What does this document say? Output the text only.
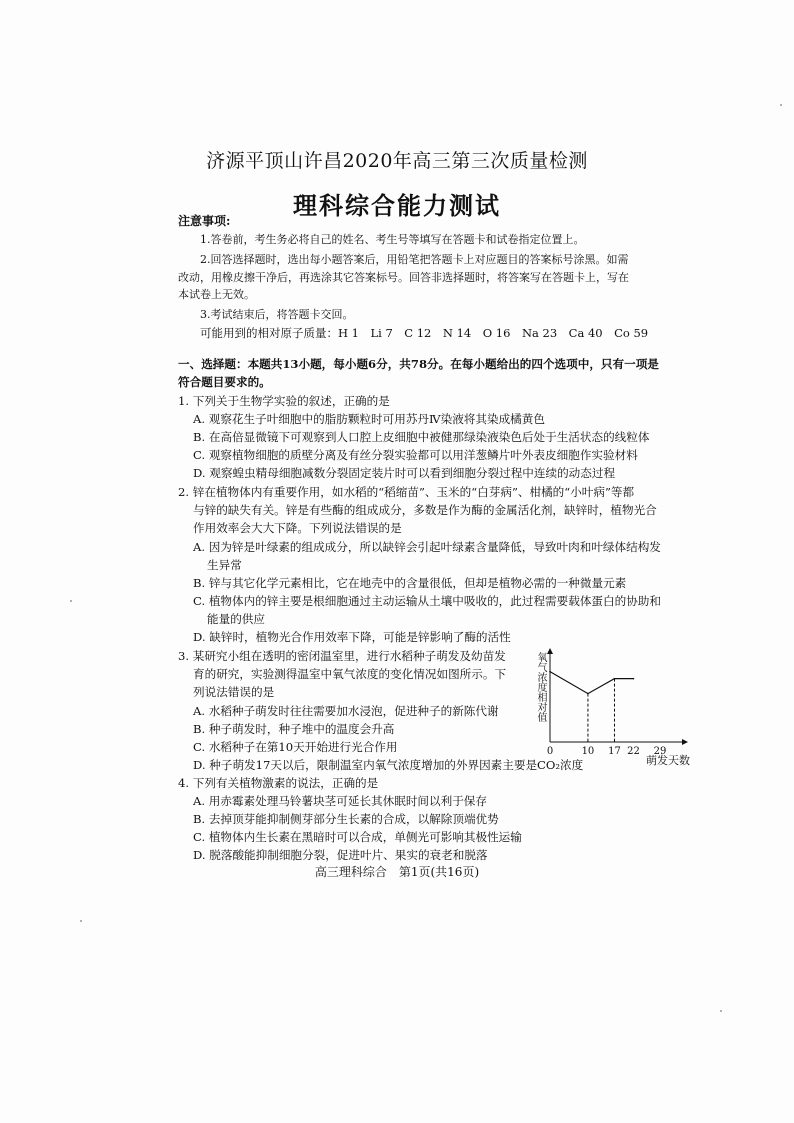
济源平顶山许昌2020年高三第三次质量检测
理科综合能力测试
注意事项:
1.答卷前，考生务必将自己的姓名、考生号等填写在答题卡和试卷指定位置上。
2.回答选择题时，选出每小题答案后，用铅笔把答题卡上对应题目的答案标号涂黑。如需
改动，用橡皮擦干净后，再选涂其它答案标号。回答非选择题时，将答案写在答题卡上，写在
本试卷上无效。
3.考试结束后，将答题卡交回。
可能用到的相对原子质量：H 1　Li 7　C 12　N 14　O 16　Na 23　Ca 40　Co 59
一、选择题：本题共13小题，每小题6分，共78分。在每小题给出的四个选项中，只有一项是
符合题目要求的。
1. 下列关于生物学实验的叙述，正确的是
A. 观察花生子叶细胞中的脂肪颗粒时可用苏丹Ⅳ染液将其染成橘黄色
B. 在高倍显微镜下可观察到人口腔上皮细胞中被健那绿染液染色后处于生活状态的线粒体
C. 观察植物细胞的质壁分离及有丝分裂实验都可以用洋葱鳞片叶外表皮细胞作实验材料
D. 观察蝗虫精母细胞减数分裂固定装片时可以看到细胞分裂过程中连续的动态过程
2. 锌在植物体内有重要作用，如水稻的“稻缩苗”、玉米的“白芽病”、柑橘的“小叶病”等都
与锌的缺失有关。锌是有些酶的组成成分，多数是作为酶的金属活化剂，缺锌时，植物光合
作用效率会大大下降。下列说法错误的是
A. 因为锌是叶绿素的组成成分，所以缺锌会引起叶绿素含量降低，导致叶肉和叶绿体结构发
生异常
B. 锌与其它化学元素相比，它在地壳中的含量很低，但却是植物必需的一种微量元素
C. 植物体内的锌主要是根细胞通过主动运输从土壤中吸收的，此过程需要载体蛋白的协助和
能量的供应
D. 缺锌时，植物光合作用效率下降，可能是锌影响了酶的活性
3. 某研究小组在透明的密闭温室里，进行水稻种子萌发及幼苗发
育的研究，实验测得温室中氧气浓度的变化情况如图所示。下
列说法错误的是
A. 水稻种子萌发时往往需要加水浸泡，促进种子的新陈代谢
B. 种子萌发时，种子堆中的温度会升高
C. 水稻种子在第10天开始进行光合作用
D. 种子萌发17天以后，限制温室内氧气浓度增加的外界因素主要是CO₂浓度
氧气浓度相对值
0	10 17 22 29
萌发天数
4. 下列有关植物激素的说法，正确的是
A. 用赤霉素处理马铃薯块茎可延长其休眠时间以利于保存
B. 去掉顶芽能抑制侧芽部分生长素的合成，以解除顶端优势
C. 植物体内生长素在黑暗时可以合成，单侧光可影响其极性运输
D. 脱落酸能抑制细胞分裂，促进叶片、果实的衰老和脱落
高三理科综合　第1页(共16页)
